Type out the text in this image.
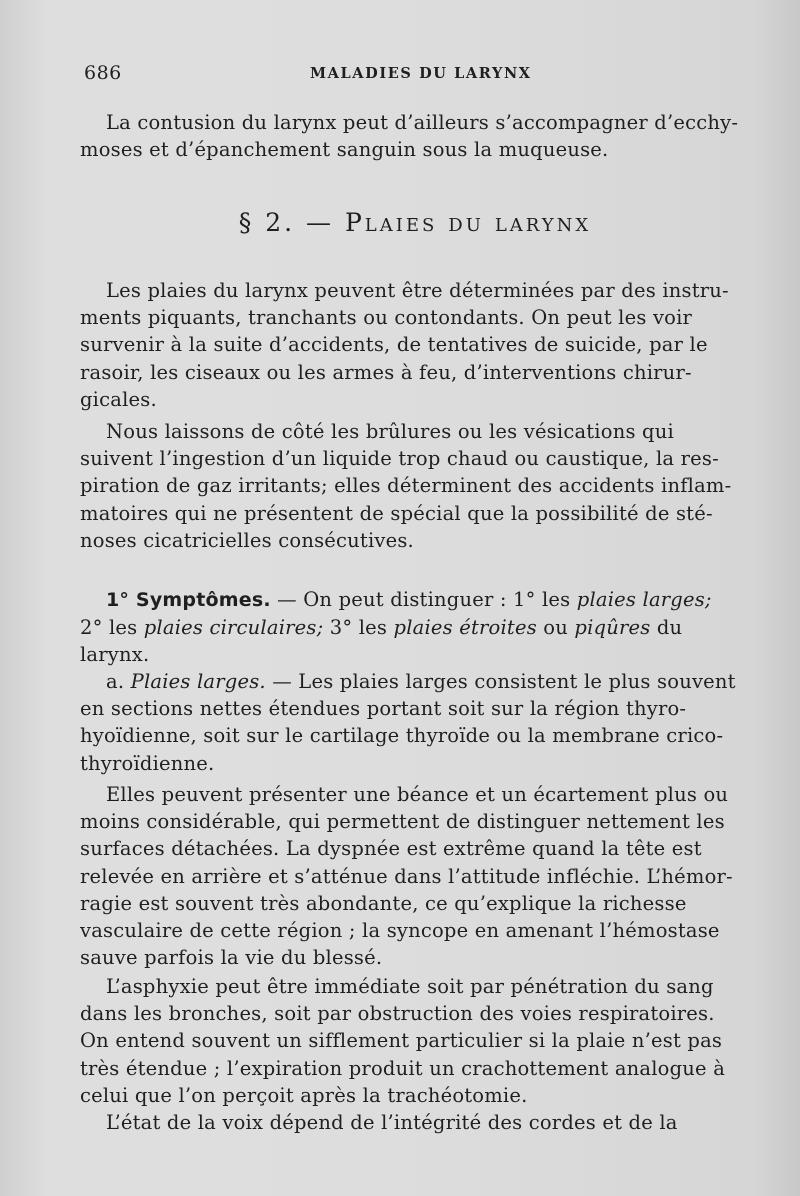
686	MALADIES DU LARYNX
La contusion du larynx peut d’ailleurs s’accompagner d’ecchy-
moses et d’épanchement sanguin sous la muqueuse.
§ 2. — Plaies du larynx
Les plaies du larynx peuvent être déterminées par des instru-
ments piquants, tranchants ou contondants. On peut les voir
survenir à la suite d’accidents, de tentatives de suicide, par le
rasoir, les ciseaux ou les armes à feu, d’interventions chirur-
gicales.
Nous laissons de côté les brûlures ou les vésications qui
suivent l’ingestion d’un liquide trop chaud ou caustique, la res-
piration de gaz irritants; elles déterminent des accidents inflam-
matoires qui ne présentent de spécial que la possibilité de sté-
noses cicatricielles consécutives.
1° Symptômes. — On peut distinguer : 1° les plaies larges;
2° les plaies circulaires; 3° les plaies étroites ou piqûres du
larynx.
a. Plaies larges. — Les plaies larges consistent le plus souvent
en sections nettes étendues portant soit sur la région thyro-
hyoïdienne, soit sur le cartilage thyroïde ou la membrane crico-
thyroïdienne.
Elles peuvent présenter une béance et un écartement plus ou
moins considérable, qui permettent de distinguer nettement les
surfaces détachées. La dyspnée est extrême quand la tête est
relevée en arrière et s’atténue dans l’attitude infléchie. L’hémor-
ragie est souvent très abondante, ce qu’explique la richesse
vasculaire de cette région ; la syncope en amenant l’hémostase
sauve parfois la vie du blessé.
L’asphyxie peut être immédiate soit par pénétration du sang
dans les bronches, soit par obstruction des voies respiratoires.
On entend souvent un sifflement particulier si la plaie n’est pas
très étendue ; l’expiration produit un crachottement analogue à
celui que l’on perçoit après la trachéotomie.
L’état de la voix dépend de l’intégrité des cordes et de la
